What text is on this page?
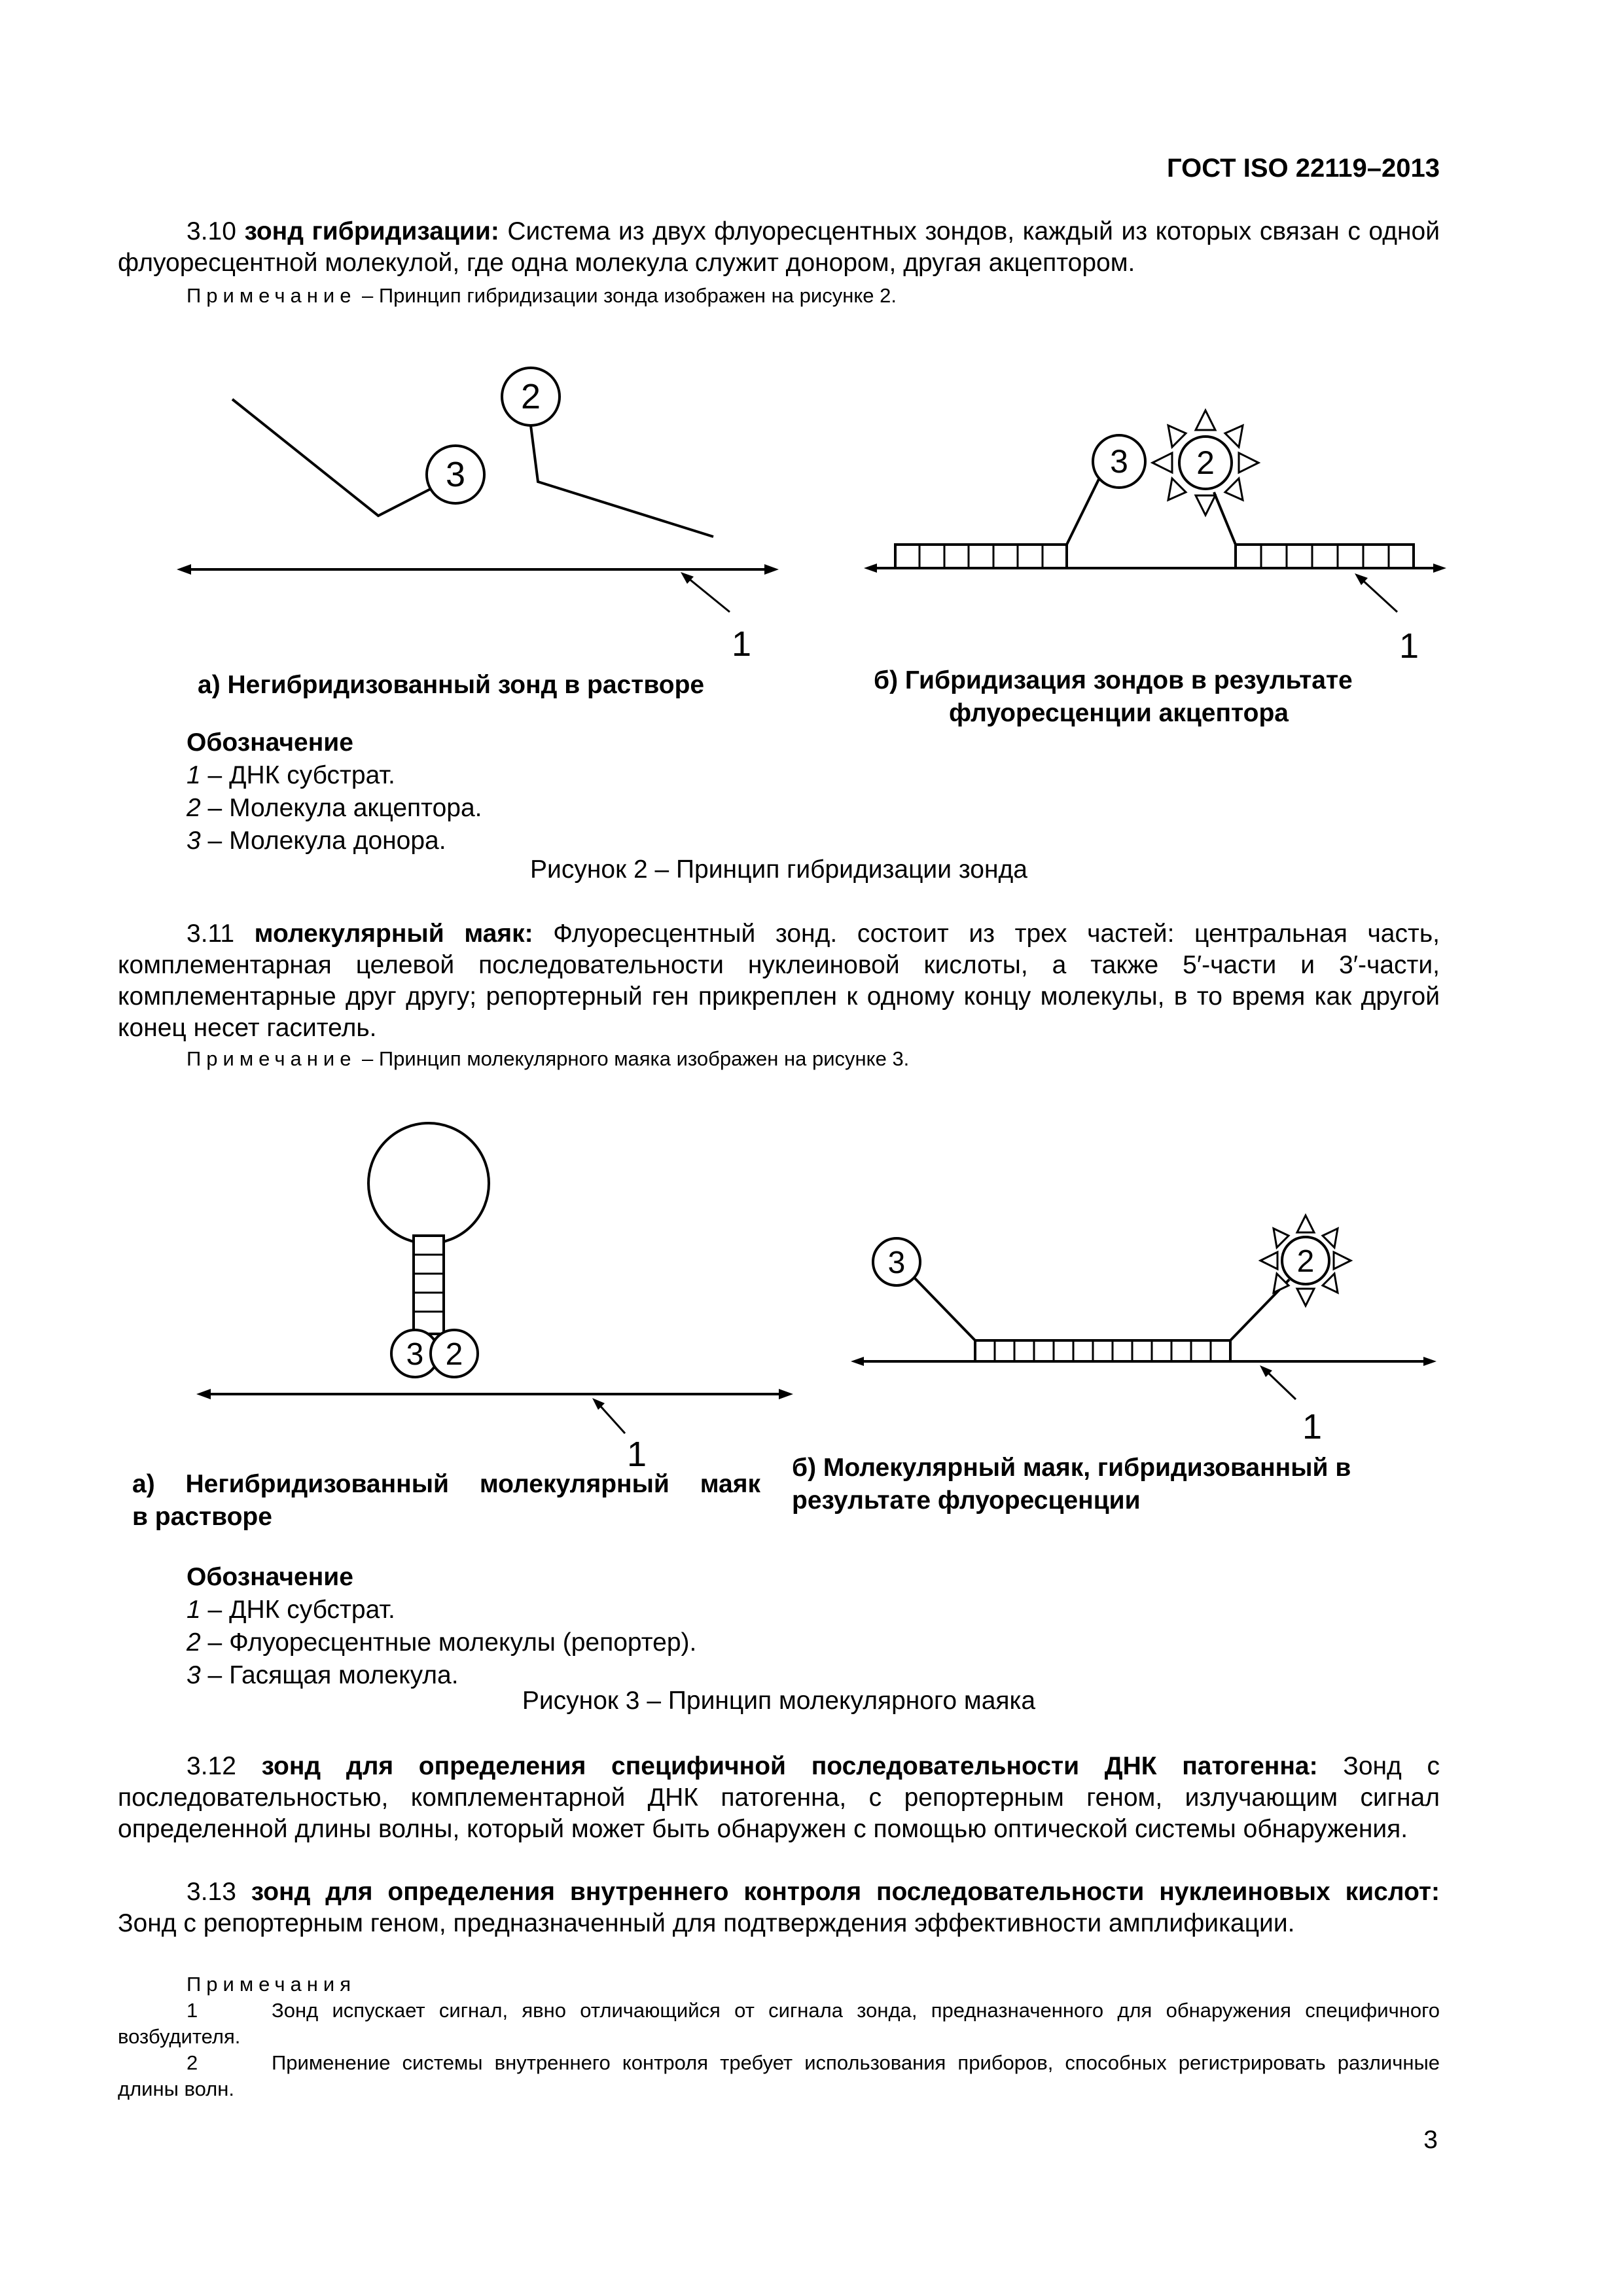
ГОСТ ISO 22119–2013
3.10 зонд гибридизации: Система из двух флуоресцентных зондов, каждый из которых связан с одной флуоресцентной молекулой, где одна молекула служит донором, другая акцептором.
Примечание – Принцип гибридизации зонда изображен на рисунке 2.
3
2
1
3 2
1
а) Негибридизованный зонд в растворе	б) Гибридизация зондов в результате
флуоресценции акцептора
Обозначение
1 – ДНК субстрат.
2 – Молекула акцептора.
3 – Молекула донора.
Рисунок 2 – Принцип гибридизации зонда
3.11 молекулярный маяк: Флуоресцентный зонд. состоит из трех частей: центральная часть, комплементарная целевой последовательности нуклеиновой кислоты, а также 5′-части и 3′-части, комплементарные друг другу; репортерный ген прикреплен к одному концу молекулы, в то время как другой конец несет гаситель.
Примечание – Принцип молекулярного маяка изображен на рисунке 3.
3 2
1
3	2
1
а) Негибридизованный молекулярный маяк
в растворе
б) Молекулярный маяк, гибридизованный в
результате флуоресценции
Обозначение
1 – ДНК субстрат.
2 – Флуоресцентные молекулы (репортер).
3 – Гасящая молекула.
Рисунок 3 – Принцип молекулярного маяка
3.12 зонд для определения специфичной последовательности ДНК патогенна: Зонд с последовательностью, комплементарной ДНК патогенна, с репортерным геном, излучающим сигнал определенной длины волны, который может быть обнаружен с помощью оптической системы обнаружения.
3.13 зонд для определения внутреннего контроля последовательности нуклеиновых кислот: Зонд с репортерным геном, предназначенный для подтверждения эффективности амплификации.
Примечания
1	Зонд испускает сигнал, явно отличающийся от сигнала зонда, предназначенного для обнаружения специфичного возбудителя.
2	Применение системы внутреннего контроля требует использования приборов, способных регистрировать различные длины волн.
3
